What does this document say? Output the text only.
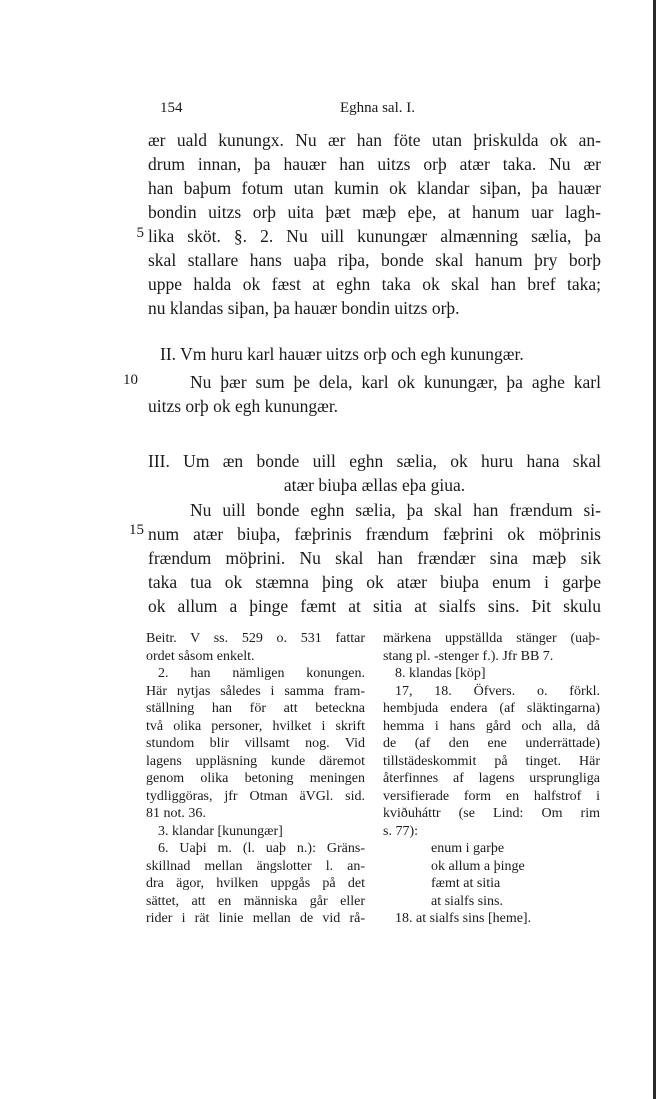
154	Eghna sal. I.
ær uald kunungx. Nu ær han föte utan þriskulda ok an-
drum innan, þa hauær han uitzs orþ atær taka. Nu ær
han baþum fotum utan kumin ok klandar siþan, þa hauær
bondin uitzs orþ uita þæt mæþ eþe, at hanum uar lagh-
lika sköt. §. 2. Nu uill kunungær almænning sælia, þa
skal stallare hans uaþa riþa, bonde skal hanum þry borþ
uppe halda ok fæst at eghn taka ok skal han bref taka;
nu klandas siþan, þa hauær bondin uitzs orþ.
5
II. Vm huru karl hauær uitzs orþ och egh kunungær.
Nu þær sum þe dela, karl ok kunungær, þa aghe karl
uitzs orþ ok egh kunungær.
10
III. Um æn bonde uill eghn sælia, ok huru hana skal
atær biuþa ællas eþa giua.
Nu uill bonde eghn sælia, þa skal han frændum si-
num atær biuþa, fæþrinis frændum fæþrini ok möþrinis
frændum möþrini. Nu skal han frændær sina mæþ sik
taka tua ok stæmna þing ok atær biuþa enum i garþe
ok allum a þinge fæmt at sitia at sialfs sins. Þit skulu
15
Beitr. V ss. 529 o. 531 fattar
ordet såsom enkelt.
2. han nämligen konungen.
Här nytjas således i samma fram-
ställning han för att beteckna
två olika personer, hvilket i skrift
stundom blir villsamt nog. Vid
lagens uppläsning kunde däremot
genom olika betoning meningen
tydliggöras, jfr Otman äVGl. sid.
81 not. 36.
3. klandar [kunungær]
6. Uaþi m. (l. uaþ n.): Gräns-
skillnad mellan ängslotter l. an-
dra ägor, hvilken uppgås på det
sättet, att en människa går eller
rider i rät linie mellan de vid rå-
märkena uppställda stänger (uaþ-
stang pl. -stenger f.). Jfr BB 7.
8. klandas [köp]
17, 18. Öfvers. o. förkl.
hembjuda endera (af släktingarna)
hemma i hans gård och alla, då
de (af den ene underrättade)
tillstädeskommit på tinget. Här
återfinnes af lagens ursprungliga
versifierade form en halfstrof i
kviðuháttr (se Lind: Om rim
s. 77):
enum i garþe
ok allum a þinge
fæmt at sitia
at sialfs sins.
18. at sialfs sins [heme].
